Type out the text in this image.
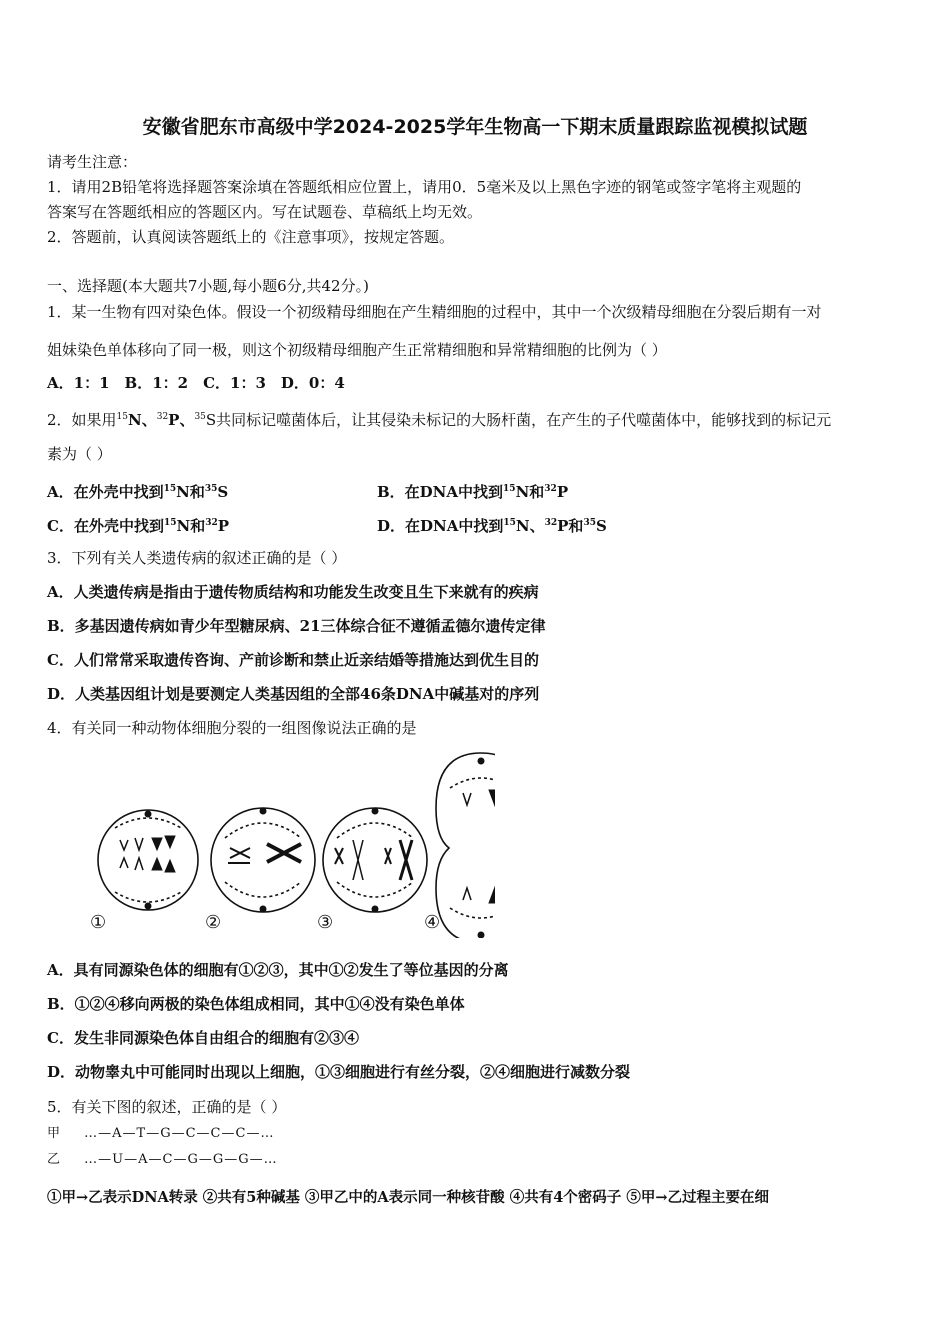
安徽省肥东市高级中学2024-2025学年生物高一下期末质量跟踪监视模拟试题
请考生注意：
1．请用2B铅笔将选择题答案涂填在答题纸相应位置上，请用0．5毫米及以上黑色字迹的钢笔或签字笔将主观题的
答案写在答题纸相应的答题区内。写在试题卷、草稿纸上均无效。
2．答题前，认真阅读答题纸上的《注意事项》，按规定答题。
一、选择题(本大题共7小题,每小题6分,共42分。)
1．某一生物有四对染色体。假设一个初级精母细胞在产生精细胞的过程中，其中一个次级精母细胞在分裂后期有一对
姐妹染色单体移向了同一极，则这个初级精母细胞产生正常精细胞和异常精细胞的比例为（ ）
A．1：1　B．1：2　C．1：3　D．0：4
2．如果用$^{15}$N、$^{32}$P、$^{35}$S共同标记噬菌体后，让其侵染未标记的大肠杆菌，在产生的子代噬菌体中，能够找到的标记元
素为（ ）
A．在外壳中找到$^{15}$N和$^{35}$S	B．在DNA中找到$^{15}$N和$^{32}$P
C．在外壳中找到$^{15}$N和$^{32}$P	D．在DNA中找到$^{15}$N、$^{32}$P和$^{35}$S
3．下列有关人类遗传病的叙述正确的是（ ）
A．人类遗传病是指由于遗传物质结构和功能发生改变且生下来就有的疾病
B．多基因遗传病如青少年型糖尿病、21三体综合征不遵循孟德尔遗传定律
C．人们常常采取遗传咨询、产前诊断和禁止近亲结婚等措施达到优生目的
D．人类基因组计划是要测定人类基因组的全部46条DNA中碱基对的序列
4．有关同一种动物体细胞分裂的一组图像说法正确的是
①	②	③	④
A．具有同源染色体的细胞有①②③，其中①②发生了等位基因的分离
B．①②④移向两极的染色体组成相同，其中①④没有染色单体
C．发生非同源染色体自由组合的细胞有②③④
D．动物睾丸中可能同时出现以上细胞，①③细胞进行有丝分裂，②④细胞进行减数分裂
5．有关下图的叙述，正确的是（ ）
甲 …—A—T—G—C—C—C—…
乙 …—U—A—C—G—G—G—…
①甲→乙表示DNA转录 ②共有5种碱基 ③甲乙中的A表示同一种核苷酸 ④共有4个密码子 ⑤甲→乙过程主要在细
